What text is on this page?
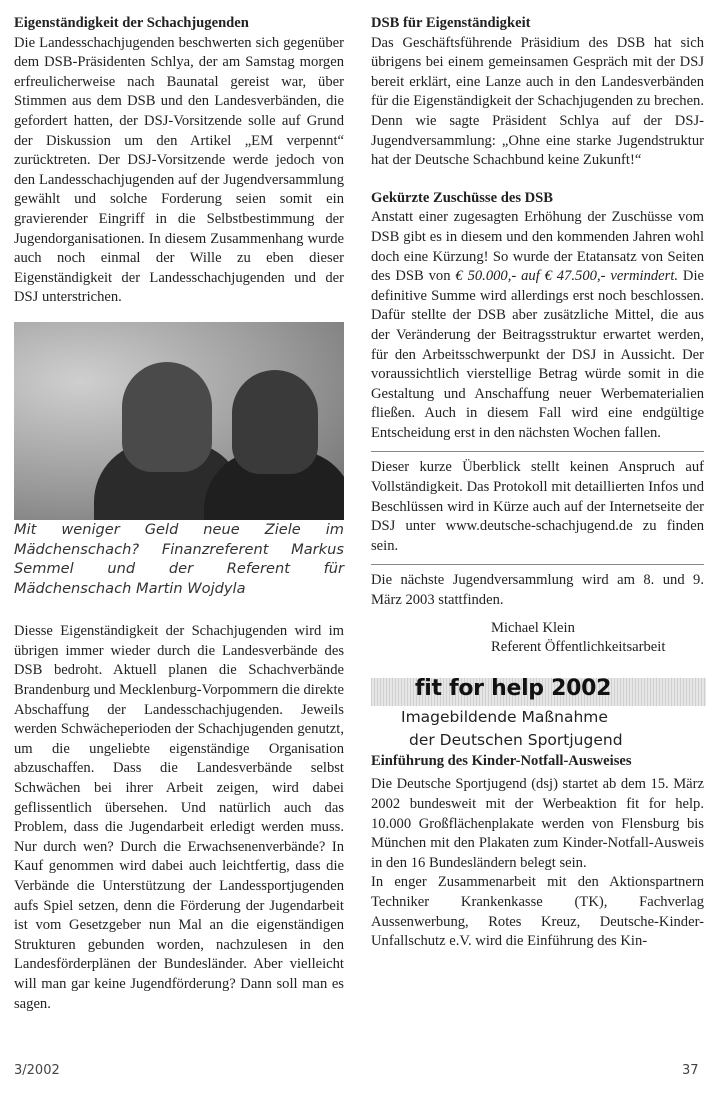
Eigenständigkeit der Schachjugenden

Die Landesschachjugenden beschwerten sich gegenüber dem DSB-Präsidenten Schlya, der am Samstag morgen erfreulicherweise nach Baunatal gereist war, über Stimmen aus dem DSB und den Landesverbänden, die gefordert hatten, der DSJ-Vorsitzende solle auf Grund der Diskussion um den Artikel „EM verpennt“ zurücktreten. Der DSJ-Vorsitzende werde jedoch von den Landesschachjugenden auf der Jugendversammlung gewählt und solche Forderung seien somit ein gravierender Eingriff in die Selbstbestimmung der Jugendorganisationen. In diesem Zusammenhang wurde auch noch einmal der Wille zu eben dieser Eigenständigkeit der Landesschachjugenden und der DSJ unterstrichen.

Mit weniger Geld neue Ziele im Mädchenschach? Finanzreferent Markus Semmel und der Referent für Mädchenschach Martin Wojdyla

Diesse Eigenständigkeit der Schachjugenden wird im übrigen immer wieder durch die Landesverbände des DSB bedroht. Aktuell planen die Schachverbände Brandenburg und Mecklenburg-Vorpommern die direkte Abschaffung der Landesschachjugenden. Jeweils werden Schwächeperioden der Schachjugenden genutzt, um die ungeliebte eigenständige Organisation abzuschaffen. Dass die Landesverbände selbst Schwächen bei ihrer Arbeit zeigen, wird dabei geflissentlich übersehen. Und natürlich auch das Problem, dass die Jugendarbeit erledigt werden muss. Nur durch wen? Durch die Erwachsenenverbände? In Kauf genommen wird dabei auch leichtfertig, dass die Verbände die Unterstützung der Landessportjugenden aufs Spiel setzen, denn die Förderung der Jugendarbeit ist vom Gesetzgeber nun Mal an die eigenständigen Strukturen gebunden worden, nachzulesen in den Landesförderplänen der Bundesländer. Aber vielleicht will man gar keine Jugendförderung? Dann soll man es sagen.

DSB für Eigenständigkeit

Das Geschäftsführende Präsidium des DSB hat sich übrigens bei einem gemeinsamen Gespräch mit der DSJ bereit erklärt, eine Lanze auch in den Landesverbänden für die Eigenständigkeit der Schachjugenden zu brechen. Denn wie sagte Präsident Schlya auf der DSJ-Jugendversammlung: „Ohne eine starke Jugendstruktur hat der Deutsche Schachbund keine Zukunft!“

Gekürzte Zuschüsse des DSB

Anstatt einer zugesagten Erhöhung der Zuschüsse vom DSB gibt es in diesem und den kommenden Jahren wohl doch eine Kürzung! So wurde der Etatansatz von Seiten des DSB von € 50.000,- auf € 47.500,- vermindert. Die definitive Summe wird allerdings erst noch beschlossen. Dafür stellte der DSB aber zusätzliche Mittel, die aus der Veränderung der Beitragsstruktur erwartet werden, für den Arbeitsschwerpunkt der DSJ in Aussicht. Der voraussichtlich vierstellige Betrag würde somit in die Gestaltung und Anschaffung neuer Werbematerialien fließen. Auch in diesem Fall wird eine endgültige Entscheidung erst in den nächsten Wochen fallen.

Dieser kurze Überblick stellt keinen Anspruch auf Vollständigkeit. Das Protokoll mit detaillierten Infos und Beschlüssen wird in Kürze auch auf der Internetseite der DSJ unter www.deutsche-schachjugend.de zu finden sein.

Die nächste Jugendversammlung wird am 8. und 9. März 2003 stattfinden.

Michael Klein
Referent Öffentlichkeitsarbeit
fit for help 2002
Imagebildende Maßnahme
der Deutschen Sportjugend
Einführung des Kinder-Notfall-Ausweises

Die Deutsche Sportjugend (dsj) startet ab dem 15. März 2002 bundesweit mit der Werbeaktion fit for help. 10.000 Großflächenplakate werden von Flensburg bis München mit den Plakaten zum Kinder-Notfall-Ausweis in den 16 Bundesländern belegt sein.

In enger Zusammenarbeit mit den Aktionspartnern Techniker Krankenkasse (TK), Fachverlag Aussenwerbung, Rotes Kreuz, Deutsche-Kinder-Unfallschutz e.V. wird die Einführung des Kin-

3/2002	37
